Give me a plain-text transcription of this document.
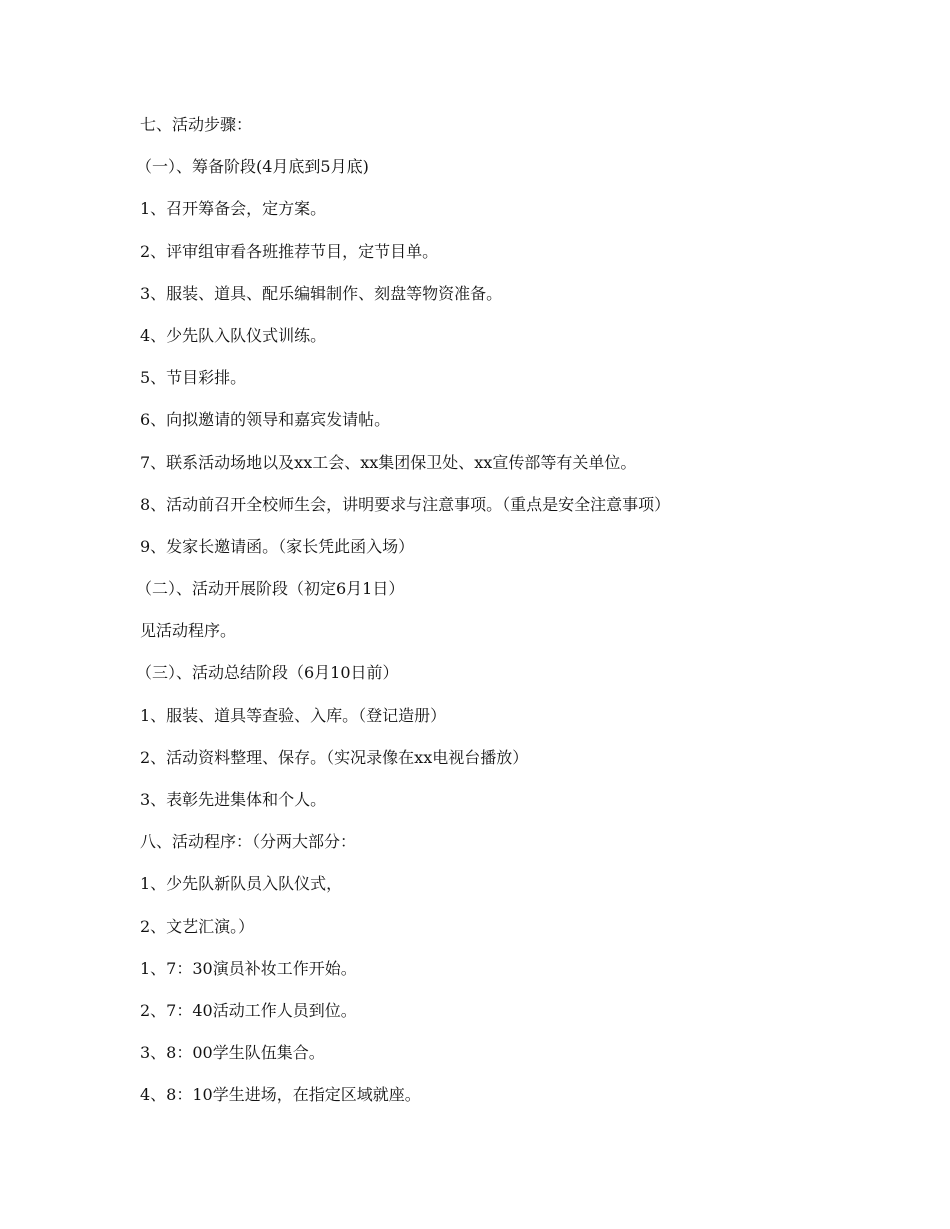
七、活动步骤：
（一）、筹备阶段(4月底到5月底)
1、召开筹备会，定方案。
2、评审组审看各班推荐节目，定节目单。
3、服装、道具、配乐编辑制作、刻盘等物资准备。
4、少先队入队仪式训练。
5、节目彩排。
6、向拟邀请的领导和嘉宾发请帖。
7、联系活动场地以及xx工会、xx集团保卫处、xx宣传部等有关单位。
8、活动前召开全校师生会，讲明要求与注意事项。（重点是安全注意事项）
9、发家长邀请函。（家长凭此函入场）
（二）、活动开展阶段（初定6月1日）
见活动程序。
（三）、活动总结阶段（6月10日前）
1、服装、道具等查验、入库。（登记造册）
2、活动资料整理、保存。（实况录像在xx电视台播放）
3、表彰先进集体和个人。
八、活动程序：（分两大部分：
1、少先队新队员入队仪式，
2、文艺汇演。）
1、7：30演员补妆工作开始。
2、7：40活动工作人员到位。
3、8：00学生队伍集合。
4、8：10学生进场，在指定区域就座。
